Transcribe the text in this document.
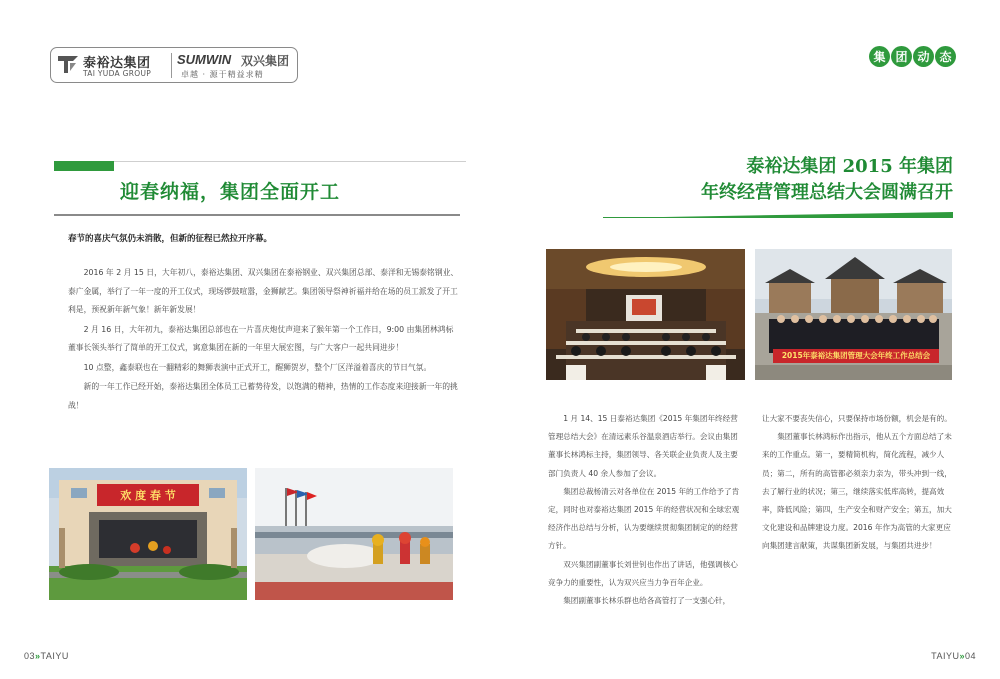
泰裕达集团
TAI YUDA GROUP
SUMWIN 双兴集团
卓越 · 源于精益求精
集 团 动 态
迎春纳福，集团全面开工

春节的喜庆气氛仍未消散，但新的征程已然拉开序幕。

2016 年 2 月 15 日，大年初八，泰裕达集团、双兴集团在泰裕钢业、双兴集团总部、泰洋和无锡泰铭钢业、泰广金属，举行了一年一度的开工仪式，现场锣鼓喧嚣，金狮献艺。集团领导祭神祈福并给在场的员工派发了开工利是，预祝新年新气象！新年新发展！

2 月 16 日，大年初九，泰裕达集团总部也在一片喜庆炮仗声迎来了猴年第一个工作日，9:00 由集团林鸿标董事长领头举行了简单的开工仪式，寓意集团在新的一年里大展宏图，与广大客户一起共同进步！

10 点整，鑫泰联也在一翻精彩的舞狮表演中正式开工，醒狮贺岁，整个厂区洋溢着喜庆的节日气氛。

新的一年工作已经开始，泰裕达集团全体员工已蓄势待发，以饱满的精神，热情的工作态度来迎接新一年的挑战！

欢 度 春 节
泰裕达集团 2015 年集团
年终经营管理总结大会圆满召开
2015年泰裕达集团管理大会年终工作总结会

1 月 14、15 日泰裕达集团《2015 年集团年终经营管理总结大会》在清远素乐谷温泉酒店举行。会议由集团董事长林鸿标主持，集团领导、各关联企业负责人及主要部门负责人 40 余人参加了会议。

集团总裁杨清云对各单位在 2015 年的工作给予了肯定，同时也对泰裕达集团 2015 年的经营状况和全球宏观经济作出总结与分析，认为要继续贯彻集团制定的的经营方针。

双兴集团副董事长刘世钊也作出了讲话，他强调核心竞争力的重要性，认为双兴应当力争百年企业。

集团副董事长林乐群也给各高管打了一支强心针，

让大家不要丧失信心，只要保持市场份额，机会是有的。

集团董事长林鸿标作出指示，他从五个方面总结了未来的工作重点。第一，要精简机构，简化流程，减少人员；第二，所有的高管都必须亲力亲为，带头冲到一线，去了解行业的状况；第三，继续落实低库高转，提高效率，降低风险；第四，生产安全和财产安全；第五，加大文化建设和品牌建设力度。2016 年作为高管的大家更应向集团建言献策，共谋集团新发展，与集团共进步！

03»TAIYU	TAIYU»04
